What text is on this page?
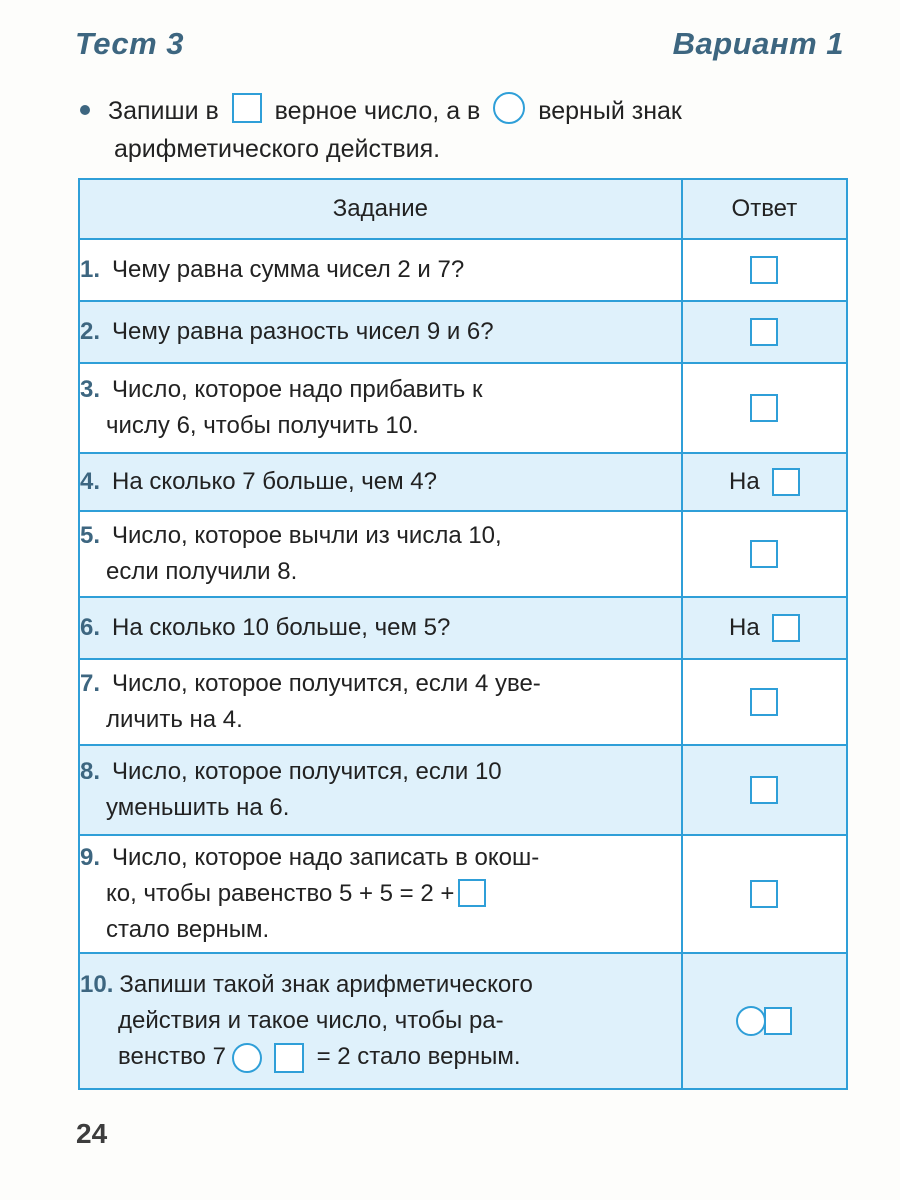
Тест 3	Вариант 1
Запиши в верное число, а в верный знак
арифметического действия.
Задание	Ответ
1. Чему равна сумма чисел 2 и 7?	
2. Чему равна разность чисел 9 и 6?	
3. Число, которое надо прибавить к
числу 6, чтобы получить 10.	

4. На сколько 7 больше, чем 4?	На
5. Число, которое вычли из числа 10,
если получили 8.	

6. На сколько 10 больше, чем 5?	На
7. Число, которое получится, если 4 уве-
личить на 4.	

8. Число, которое получится, если 10
уменьшить на 6.	

9. Число, которое надо записать в окош-
ко, чтобы равенство 5 + 5 = 2 +
стало верным.	

10. Запиши такой знак арифметического
действия и такое число, чтобы ра-
венство 7 = 2 стало верным.	

24
